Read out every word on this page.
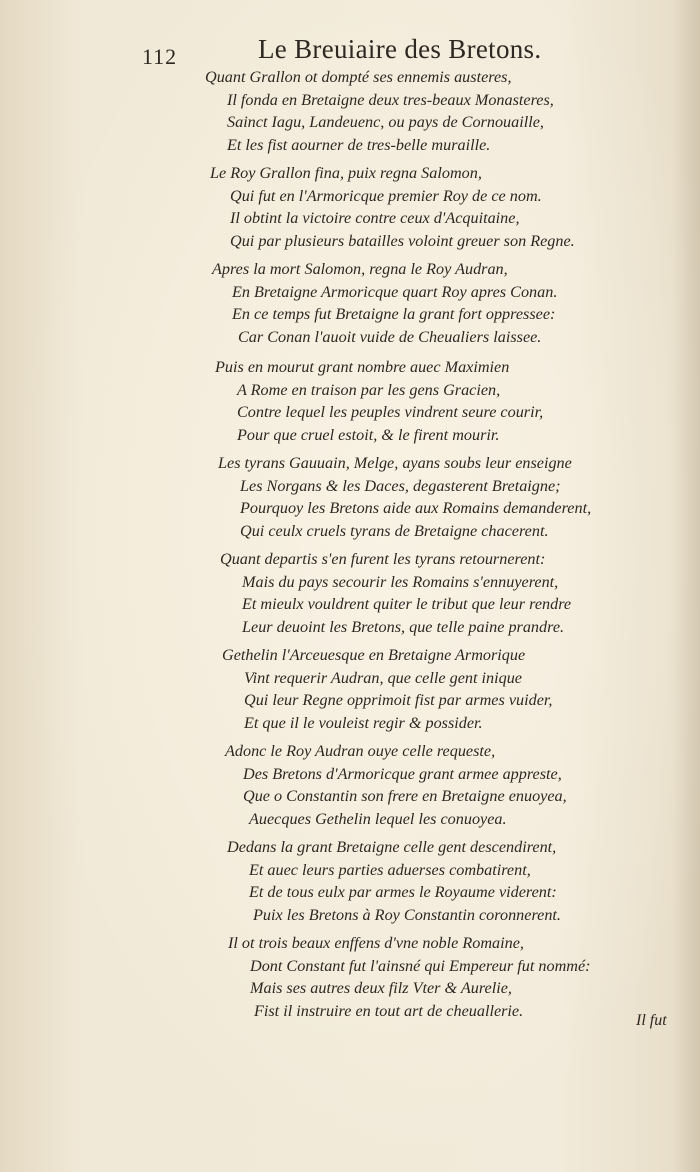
112	Le Breuiaire des Bretons.
Quant Grallon ot dompté ses ennemis austeres,
Il fonda en Bretaigne deux tres-beaux Monasteres,
Sainct Iagu, Landeuenc, ou pays de Cornouaille,
Et les fist aourner de tres-belle muraille.
Le Roy Grallon fina, puix regna Salomon,
Qui fut en l'Armoricque premier Roy de ce nom.
Il obtint la victoire contre ceux d'Acquitaine,
Qui par plusieurs batailles voloint greuer son Regne.
Apres la mort Salomon, regna le Roy Audran,
En Bretaigne Armoricque quart Roy apres Conan.
En ce temps fut Bretaigne la grant fort oppressee:
Car Conan l'auoit vuide de Cheualiers laissee.
Puis en mourut grant nombre auec Maximien
A Rome en traison par les gens Gracien,
Contre lequel les peuples vindrent seure courir,
Pour que cruel estoit, & le firent mourir.
Les tyrans Gauuain, Melge, ayans soubs leur enseigne
Les Norgans & les Daces, degasterent Bretaigne;
Pourquoy les Bretons aide aux Romains demanderent,
Qui ceulx cruels tyrans de Bretaigne chacerent.
Quant departis s'en furent les tyrans retournerent:
Mais du pays secourir les Romains s'ennuyerent,
Et mieulx vouldrent quiter le tribut que leur rendre
Leur deuoint les Bretons, que telle paine prandre.
Gethelin l'Arceuesque en Bretaigne Armorique
Vint requerir Audran, que celle gent inique
Qui leur Regne opprimoit fist par armes vuider,
Et que il le vouleist regir & possider.
Adonc le Roy Audran ouye celle requeste,
Des Bretons d'Armoricque grant armee appreste,
Que o Constantin son frere en Bretaigne enuoyea,
Auecques Gethelin lequel les conuoyea.
Dedans la grant Bretaigne celle gent descendirent,
Et auec leurs parties aduerses combatirent,
Et de tous eulx par armes le Royaume viderent:
Puix les Bretons à Roy Constantin coronnerent.
Il ot trois beaux enffens d'vne noble Romaine,
Dont Constant fut l'ainsné qui Empereur fut nommé:
Mais ses autres deux filz Vter & Aurelie,
Fist il instruire en tout art de cheuallerie.
Il fut
